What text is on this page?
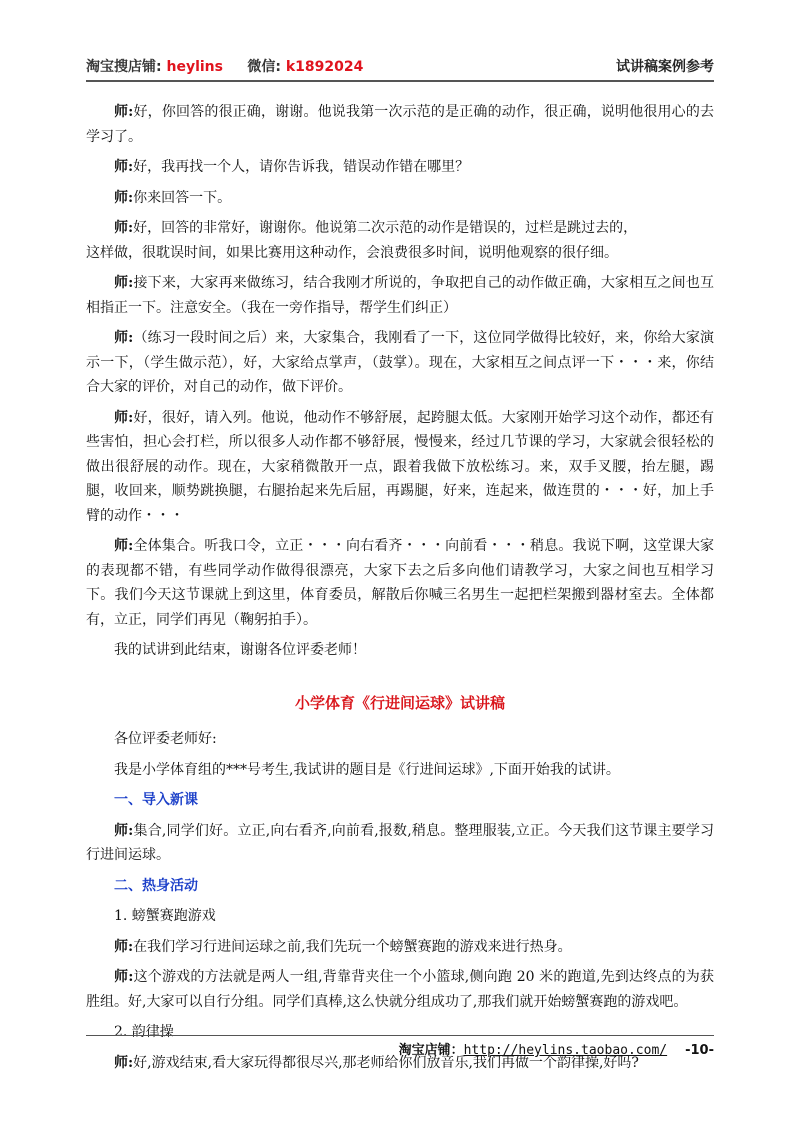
淘宝搜店铺: heylins 微信: k1892024	试讲稿案例参考

师:好，你回答的很正确，谢谢。他说我第一次示范的是正确的动作，很正确，说明他很用心的去学习了。

师:好，我再找一个人，请你告诉我，错误动作错在哪里？

师:你来回答一下。

师:好，回答的非常好，谢谢你。他说第二次示范的动作是错误的，过栏是跳过去的，

这样做，很耽误时间，如果比赛用这种动作，会浪费很多时间，说明他观察的很仔细。

师:接下来，大家再来做练习，结合我刚才所说的，争取把自己的动作做正确，大家相互之间也互相指正一下。注意安全。（我在一旁作指导，帮学生们纠正）

师:（练习一段时间之后）来，大家集合，我刚看了一下，这位同学做得比较好，来，你给大家演示一下，（学生做示范），好，大家给点掌声，（鼓掌）。现在，大家相互之间点评一下・・・来，你结合大家的评价，对自己的动作，做下评价。

师:好，很好，请入列。他说，他动作不够舒展，起跨腿太低。大家刚开始学习这个动作，都还有些害怕，担心会打栏，所以很多人动作都不够舒展，慢慢来，经过几节课的学习，大家就会很轻松的做出很舒展的动作。现在，大家稍微散开一点，跟着我做下放松练习。来，双手叉腰，抬左腿，踢腿，收回来，顺势跳换腿，右腿抬起来先后屈，再踢腿，好来，连起来，做连贯的・・・好，加上手臂的动作・・・

师:全体集合。听我口令，立正・・・向右看齐・・・向前看・・・稍息。我说下啊，这堂课大家的表现都不错，有些同学动作做得很漂亮，大家下去之后多向他们请教学习，大家之间也互相学习下。我们今天这节课就上到这里，体育委员，解散后你喊三名男生一起把栏架搬到器材室去。全体都有，立正，同学们再见（鞠躬拍手）。

我的试讲到此结束，谢谢各位评委老师！

小学体育《行进间运球》试讲稿

各位评委老师好:

我是小学体育组的***号考生,我试讲的题目是《行进间运球》,下面开始我的试讲。

一、导入新课

师:集合,同学们好。立正,向右看齐,向前看,报数,稍息。整理服装,立正。今天我们这节课主要学习行进间运球。

二、热身活动

1. 螃蟹赛跑游戏

师:在我们学习行进间运球之前,我们先玩一个螃蟹赛跑的游戏来进行热身。

师:这个游戏的方法就是两人一组,背靠背夹住一个小篮球,侧向跑 20 米的跑道,先到达终点的为获胜组。好,大家可以自行分组。同学们真棒,这么快就分组成功了,那我们就开始螃蟹赛跑的游戏吧。

2. 韵律操

师:好,游戏结束,看大家玩得都很尽兴,那老师给你们放音乐,我们再做一个韵律操,好吗?

淘宝店铺：http://heylins.taobao.com/ -10-
